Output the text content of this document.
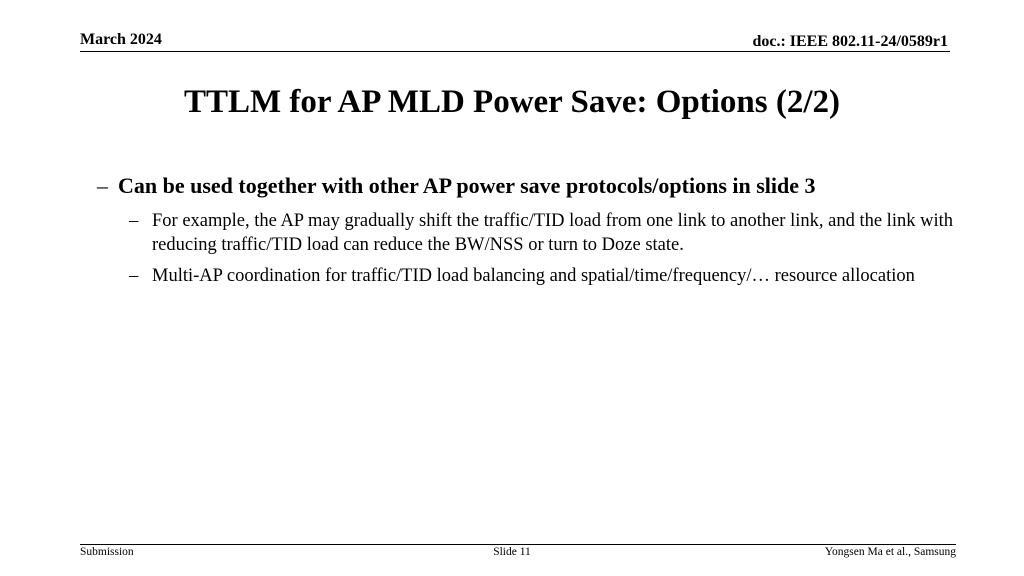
March 2024	doc.: IEEE 802.11-24/0589r1
TTLM for AP MLD Power Save: Options (2/2)
– Can be used together with other AP power save protocols/options in slide 3
– For example, the AP may gradually shift the traffic/TID load from one link to another link, and the link with reducing traffic/TID load can reduce the BW/NSS or turn to Doze state.
– Multi-AP coordination for traffic/TID load balancing and spatial/time/frequency/… resource allocation
Submission	Slide 11	Yongsen Ma et al., Samsung
